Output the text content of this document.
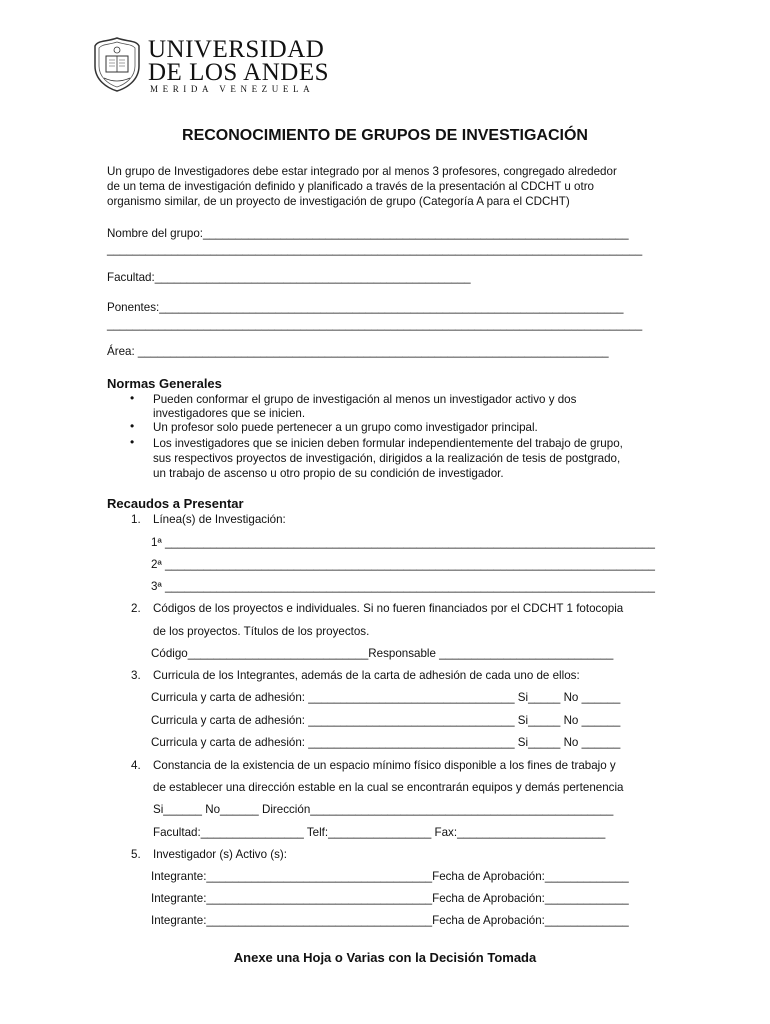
UNIVERSIDAD
DE LOS ANDES
MERIDA VENEZUELA
RECONOCIMIENTO DE GRUPOS DE INVESTIGACIÓN
Un grupo de Investigadores debe estar integrado por al menos 3 profesores, congregado alrededor
de un tema de investigación definido y planificado a través de la presentación al CDCHT u otro
organismo similar, de un proyecto de investigación de grupo (Categoría A para el CDCHT)
Nombre del grupo:__________________________________________________________________
___________________________________________________________________________________
Facultad:_________________________________________________
Ponentes:________________________________________________________________________
___________________________________________________________________________________
Área: _________________________________________________________________________
Normas Generales
• Pueden conformar el grupo de investigación al menos un investigador activo y dos
investigadores que se inicien.
• Un profesor solo puede pertenecer a un grupo como investigador principal.
• Los investigadores que se inicien deben formular independientemente del trabajo de grupo,
sus respectivos proyectos de investigación, dirigidos a la realización de tesis de postgrado,
un trabajo de ascenso u otro propio de su condición de investigador.
Recaudos a Presentar
1. Línea(s) de Investigación:
1ª ____________________________________________________________________________
2ª ____________________________________________________________________________
3ª ____________________________________________________________________________
2. Códigos de los proyectos e individuales. Si no fueren financiados por el CDCHT 1 fotocopia
de los proyectos. Títulos de los proyectos.
Código____________________________Responsable ___________________________
3. Curricula de los Integrantes, además de la carta de adhesión de cada uno de ellos:
Curricula y carta de adhesión: ________________________________ Si_____ No ______
Curricula y carta de adhesión: ________________________________ Si_____ No ______
Curricula y carta de adhesión: ________________________________ Si_____ No ______
4. Constancia de la existencia de un espacio mínimo físico disponible a los fines de trabajo y
de establecer una dirección estable en la cual se encontrarán equipos y demás pertenencia
Si______ No______ Dirección_______________________________________________
Facultad:________________ Telf:________________ Fax:_______________________
5. Investigador (s) Activo (s):
Integrante:___________________________________Fecha de Aprobación:_____________
Integrante:___________________________________Fecha de Aprobación:_____________
Integrante:___________________________________Fecha de Aprobación:_____________
Anexe una Hoja o Varias con la Decisión Tomada
